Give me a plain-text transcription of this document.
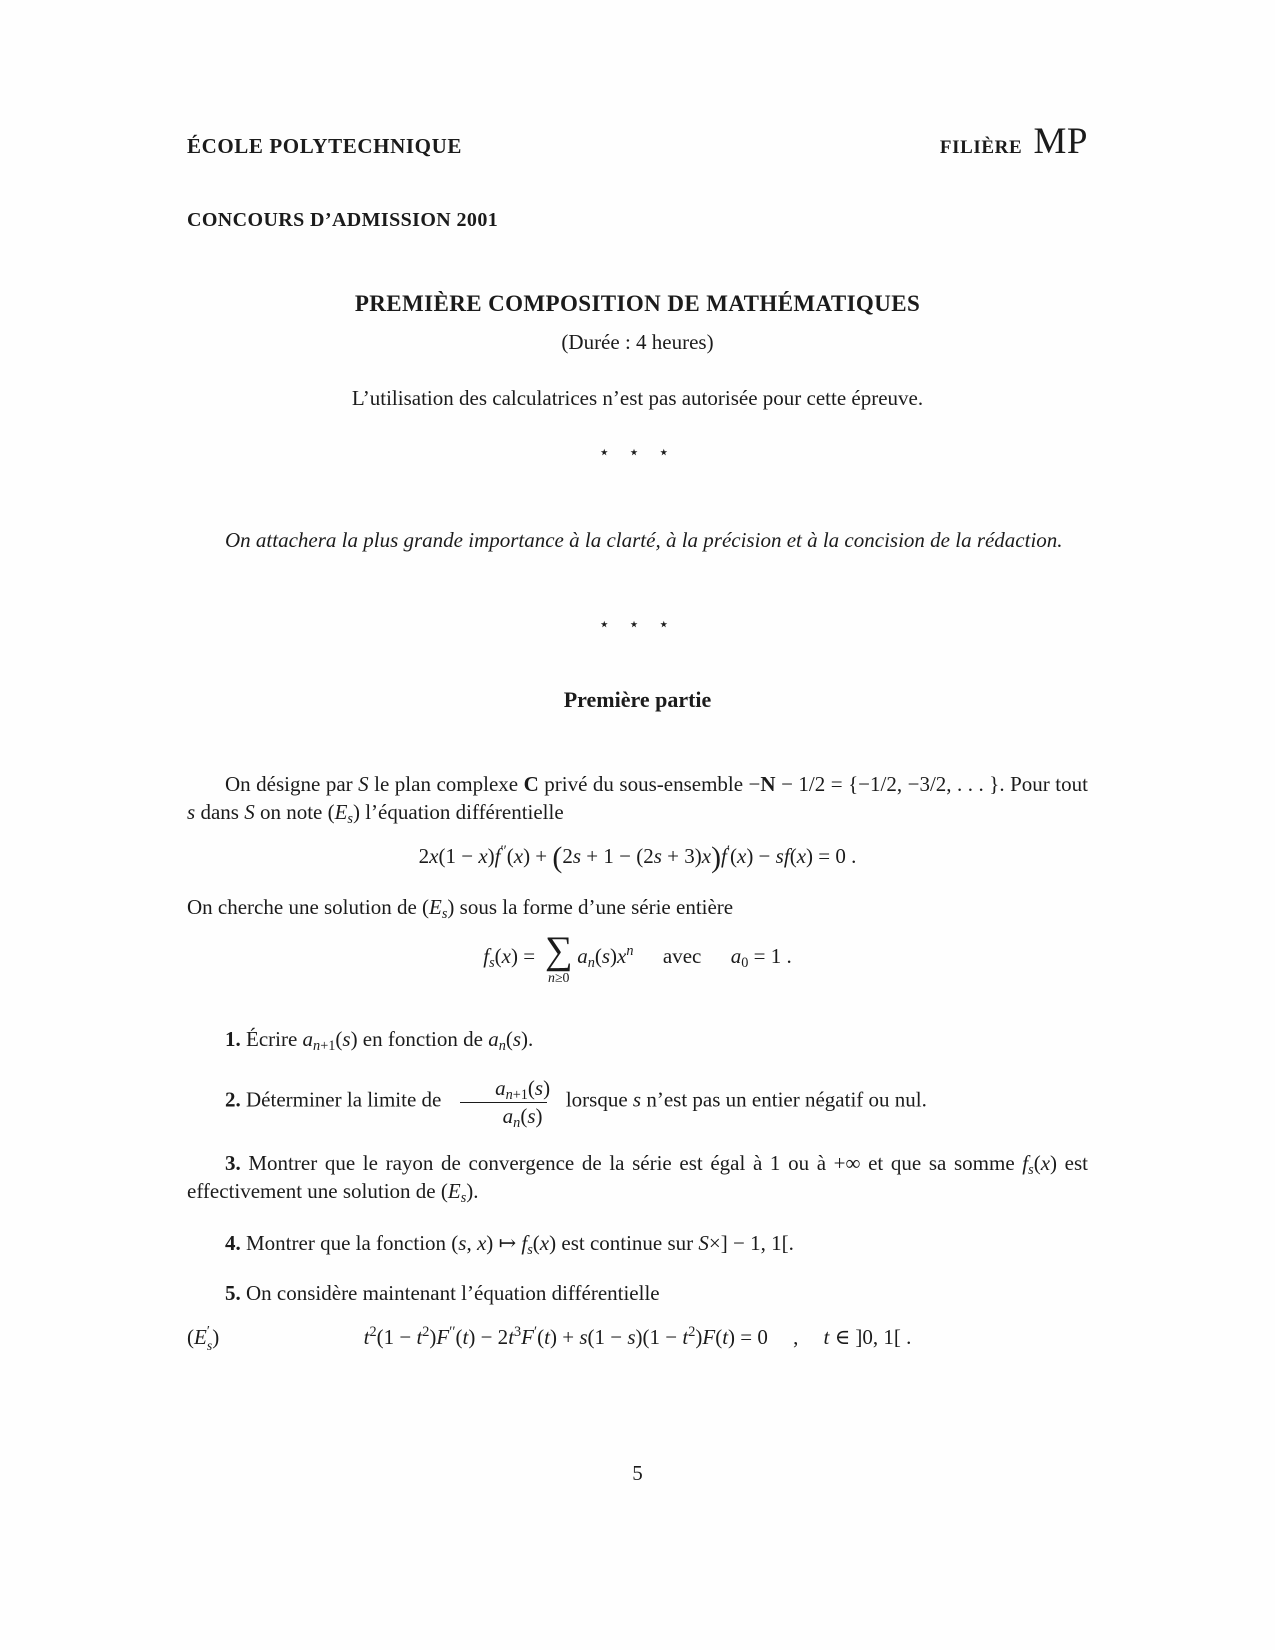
ÉCOLE POLYTECHNIQUE	FILIÈRE MP
CONCOURS D’ADMISSION 2001
PREMIÈRE COMPOSITION DE MATHÉMATIQUES
(Durée : 4 heures)
L’utilisation des calculatrices n’est pas autorisée pour cette épreuve.
⋆ ⋆ ⋆
On attachera la plus grande importance à la clarté, à la précision et à la concision de la rédaction.
⋆ ⋆ ⋆
Première partie
On désigne par S le plan complexe C privé du sous-ensemble −N − 1/2 = {−1/2, −3/2, . . . }. Pour tout s dans S on note $(E_s)$ l’équation différentielle
2x(1 − x)f′′(x) + (2s + 1 − (2s + 3)x)f′(x) − sf(x) = 0 .
On cherche une solution de $(E_s)$ sous la forme d’une série entière
$f_s(x)$ = ∑
n≥0
$a_n(s)x^n$ avec $a_0 = 1$ .
1. Écrire $a_{n+1}(s)$ en fonction de $a_n(s)$.
2. Déterminer la limite de $\frac{a_{n+1}(s)}{a_n(s)}$ lorsque s n’est pas un entier négatif ou nul.
3. Montrer que le rayon de convergence de la série est égal à 1 ou à +∞ et que sa somme $f_s(x)$ est effectivement une solution de $(E_s)$.
4. Montrer que la fonction (s, x) ↦ $f_s(x)$ est continue sur S×] − 1, 1[.
5. On considère maintenant l’équation différentielle
(E ′
s )	$t^2(1 - t^2)F''(t) - 2t^3F'(t) + s(1 - s)(1 - t^2)F(t) = 0$ , t ∈ ]0, 1[ .
5
